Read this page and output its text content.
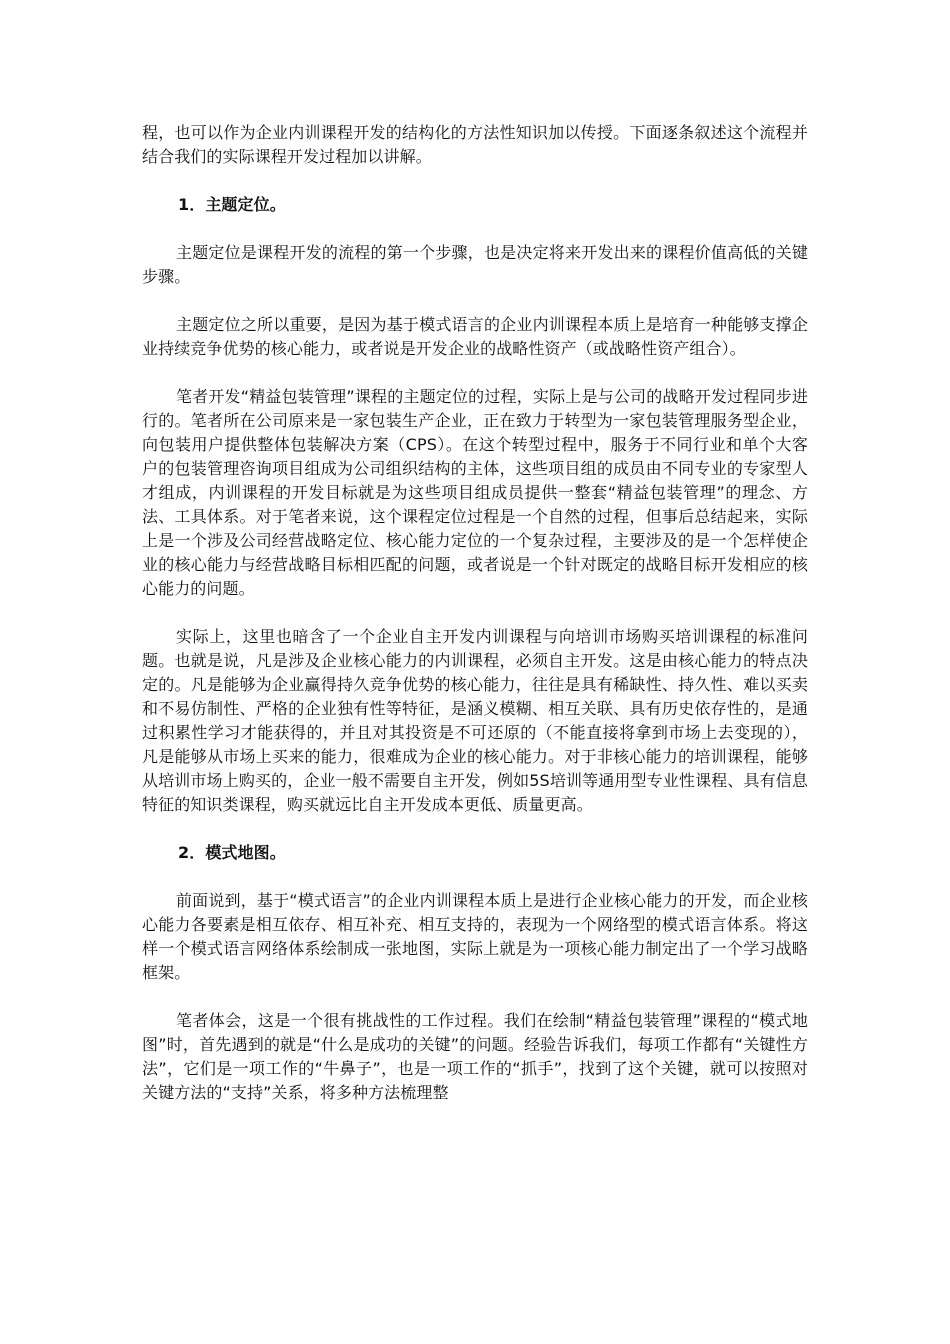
程，也可以作为企业内训课程开发的结构化的方法性知识加以传授。下面逐条叙述这个流程并结合我们的实际课程开发过程加以讲解。

1．主题定位。

主题定位是课程开发的流程的第一个步骤，也是决定将来开发出来的课程价值高低的关键步骤。

主题定位之所以重要，是因为基于模式语言的企业内训课程本质上是培育一种能够支撑企业持续竞争优势的核心能力，或者说是开发企业的战略性资产（或战略性资产组合）。

笔者开发“精益包装管理”课程的主题定位的过程，实际上是与公司的战略开发过程同步进行的。笔者所在公司原来是一家包装生产企业，正在致力于转型为一家包装管理服务型企业，向包装用户提供整体包装解决方案（CPS）。在这个转型过程中，服务于不同行业和单个大客户的包装管理咨询项目组成为公司组织结构的主体，这些项目组的成员由不同专业的专家型人才组成，内训课程的开发目标就是为这些项目组成员提供一整套“精益包装管理”的理念、方法、工具体系。对于笔者来说，这个课程定位过程是一个自然的过程，但事后总结起来，实际上是一个涉及公司经营战略定位、核心能力定位的一个复杂过程，主要涉及的是一个怎样使企业的核心能力与经营战略目标相匹配的问题，或者说是一个针对既定的战略目标开发相应的核心能力的问题。

实际上，这里也暗含了一个企业自主开发内训课程与向培训市场购买培训课程的标准问题。也就是说，凡是涉及企业核心能力的内训课程，必须自主开发。这是由核心能力的特点决定的。凡是能够为企业赢得持久竞争优势的核心能力，往往是具有稀缺性、持久性、难以买卖和不易仿制性、严格的企业独有性等特征，是涵义模糊、相互关联、具有历史依存性的，是通过积累性学习才能获得的，并且对其投资是不可还原的（不能直接将拿到市场上去变现的），凡是能够从市场上买来的能力，很难成为企业的核心能力。对于非核心能力的培训课程，能够从培训市场上购买的，企业一般不需要自主开发，例如5S培训等通用型专业性课程、具有信息特征的知识类课程，购买就远比自主开发成本更低、质量更高。

2．模式地图。

前面说到，基于“模式语言”的企业内训课程本质上是进行企业核心能力的开发，而企业核心能力各要素是相互依存、相互补充、相互支持的，表现为一个网络型的模式语言体系。将这样一个模式语言网络体系绘制成一张地图，实际上就是为一项核心能力制定出了一个学习战略框架。

笔者体会，这是一个很有挑战性的工作过程。我们在绘制“精益包装管理”课程的“模式地图”时，首先遇到的就是“什么是成功的关键”的问题。经验告诉我们，每项工作都有“关键性方法”，它们是一项工作的“牛鼻子”，也是一项工作的“抓手”，找到了这个关键，就可以按照对关键方法的“支持”关系，将多种方法梳理整
